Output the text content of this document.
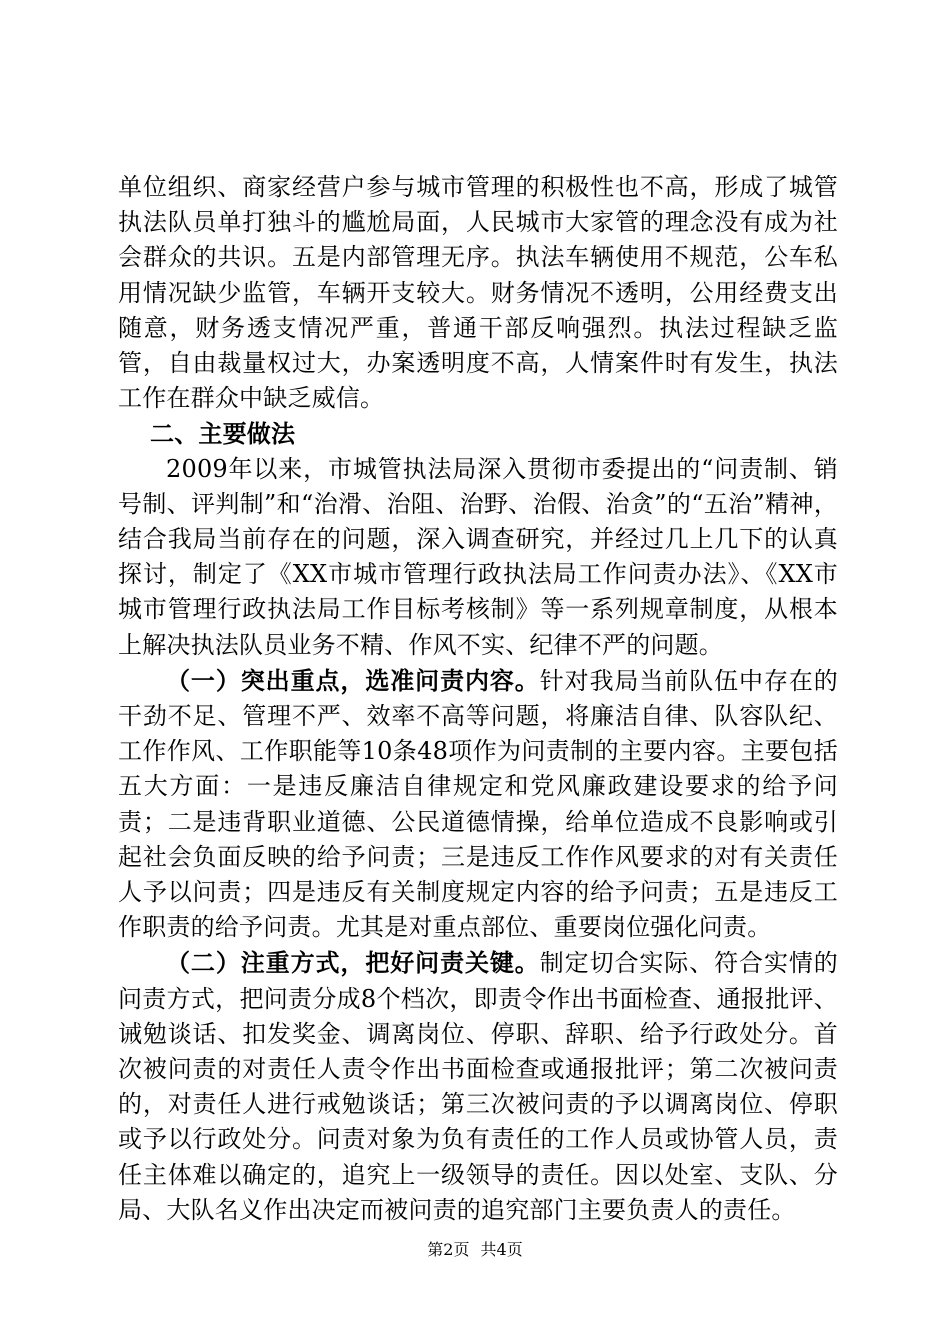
单位组织、商家经营户参与城市管理的积极性也不高，形成了城管执法队员单打独斗的尴尬局面，人民城市大家管的理念没有成为社会群众的共识。五是内部管理无序。执法车辆使用不规范，公车私用情况缺少监管，车辆开支较大。财务情况不透明，公用经费支出随意，财务透支情况严重，普通干部反响强烈。执法过程缺乏监管，自由裁量权过大，办案透明度不高，人情案件时有发生，执法工作在群众中缺乏威信。

二、主要做法

2009年以来，市城管执法局深入贯彻市委提出的“问责制、销号制、评判制”和“治滑、治阻、治野、治假、治贪”的“五治”精神，结合我局当前存在的问题，深入调查研究，并经过几上几下的认真探讨，制定了《XX市城市管理行政执法局工作问责办法》、《XX市城市管理行政执法局工作目标考核制》等一系列规章制度，从根本上解决执法队员业务不精、作风不实、纪律不严的问题。

（一）突出重点，选准问责内容。针对我局当前队伍中存在的干劲不足、管理不严、效率不高等问题，将廉洁自律、队容队纪、工作作风、工作职能等10条48项作为问责制的主要内容。主要包括五大方面：一是违反廉洁自律规定和党风廉政建设要求的给予问责；二是违背职业道德、公民道德情操，给单位造成不良影响或引起社会负面反映的给予问责；三是违反工作作风要求的对有关责任人予以问责；四是违反有关制度规定内容的给予问责；五是违反工作职责的给予问责。尤其是对重点部位、重要岗位强化问责。

（二）注重方式，把好问责关键。制定切合实际、符合实情的问责方式，把问责分成8个档次，即责令作出书面检查、通报批评、诫勉谈话、扣发奖金、调离岗位、停职、辞职、给予行政处分。首次被问责的对责任人责令作出书面检查或通报批评；第二次被问责的，对责任人进行戒勉谈话；第三次被问责的予以调离岗位、停职或予以行政处分。问责对象为负有责任的工作人员或协管人员，责任主体难以确定的，追究上一级领导的责任。因以处室、支队、分局、大队名义作出决定而被问责的追究部门主要负责人的责任。

第2页 共4页
